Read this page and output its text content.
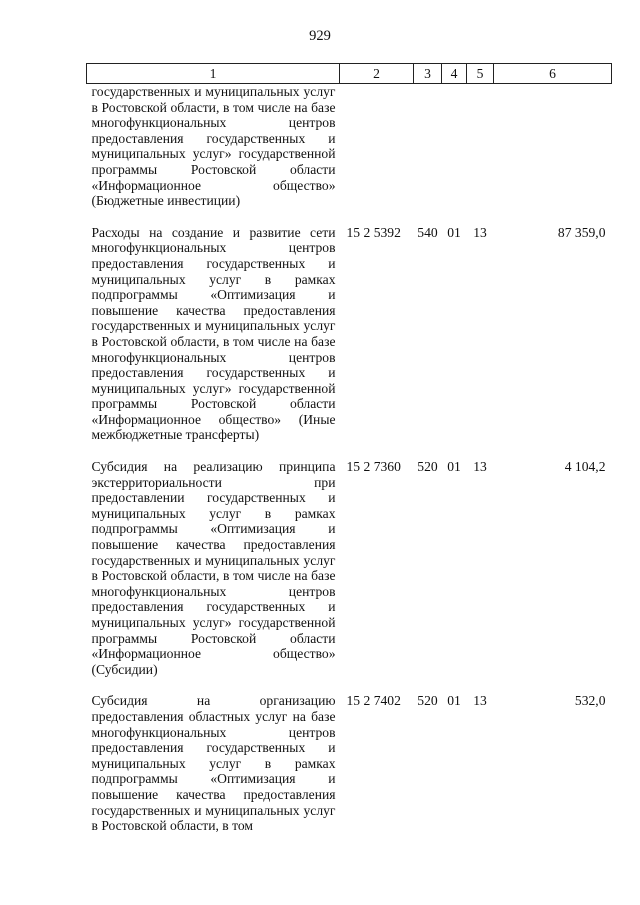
929
1	2	3	4	5	6
государственных и муниципальных услуг в Ростовской области, в том числе на базе многофункциональных центров предоставления государственных и муниципальных услуг» государственной программы Ростовской области «Информационное общество» (Бюджетные инвестиции)					

Расходы на создание и развитие сети многофункциональных центров предоставления государственных и муниципальных услуг в рамках подпрограммы «Оптимизация и повышение качества предоставления государственных и муниципальных услуг в Ростовской области, в том числе на базе многофункциональных центров предоставления государственных и муниципальных услуг» государственной программы Ростовской области «Информационное общество» (Иные межбюджетные трансферты)	15 2 5392	540	01	13	87 359,0

Субсидия на реализацию принципа экстерриториальности при предоставлении государственных и муниципальных услуг в рамках подпрограммы «Оптимизация и повышение качества предоставления государственных и муниципальных услуг в Ростовской области, в том числе на базе многофункциональных центров предоставления государственных и муниципальных услуг» государственной программы Ростовской области «Информационное общество» (Субсидии)	15 2 7360	520	01	13	4 104,2

Субсидия на организацию предоставления областных услуг на базе многофункциональных центров предоставления государственных и муниципальных услуг в рамках подпрограммы «Оптимизация и повышение качества предоставления государственных и муниципальных услуг в Ростовской области, в том	15 2 7402	520	01	13	532,0
